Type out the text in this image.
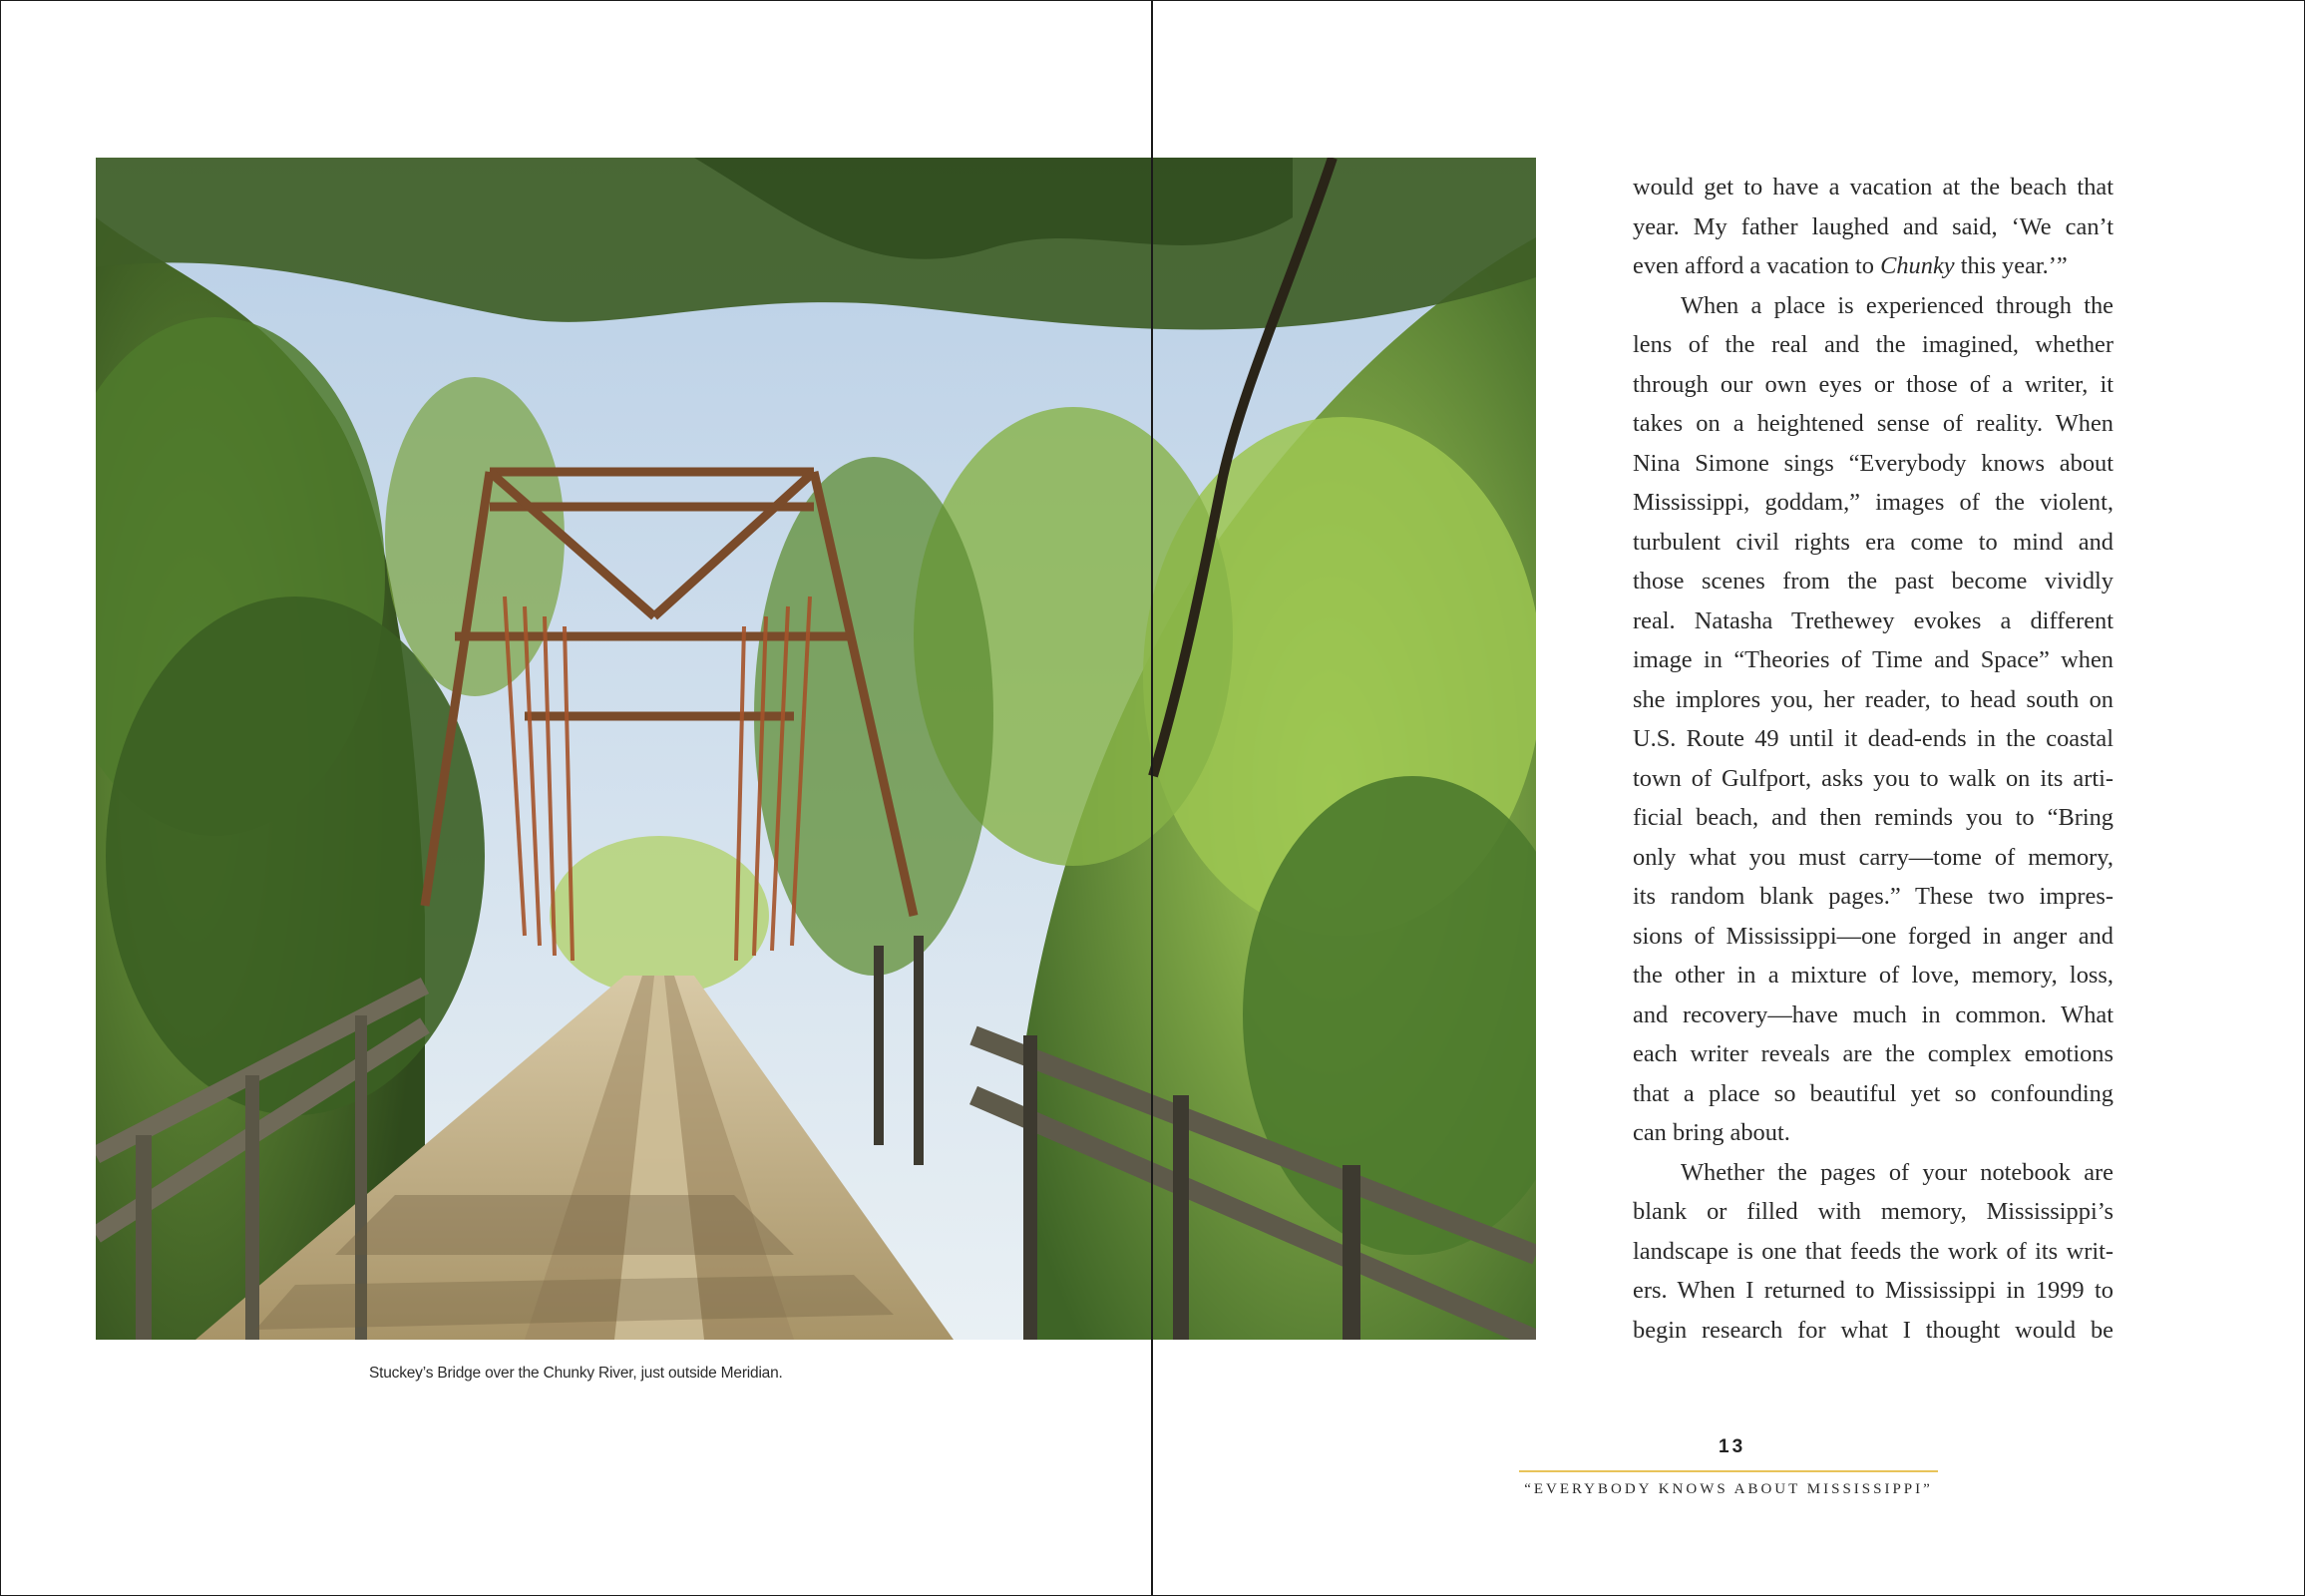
Stuckey’s Bridge over the Chunky River, just outside Meridian.
would get to have a vacation at the beach that
year. My father laughed and said, ‘We can’t
even afford a vacation to Chunky this year.’”
When a place is experienced through the
lens of the real and the imagined, whether
through our own eyes or those of a writer, it
takes on a heightened sense of reality. When
Nina Simone sings “Everybody knows about
Mississippi, goddam,” images of the violent,
turbulent civil rights era come to mind and
those scenes from the past become vividly
real. Natasha Trethewey evokes a different
image in “Theories of Time and Space” when
she implores you, her reader, to head south on
U.S. Route 49 until it dead-ends in the coastal
town of Gulfport, asks you to walk on its arti-
ficial beach, and then reminds you to “Bring
only what you must carry—tome of memory,
its random blank pages.” These two impres-
sions of Mississippi—one forged in anger and
the other in a mixture of love, memory, loss,
and recovery—have much in common. What
each writer reveals are the complex emotions
that a place so beautiful yet so confounding
can bring about.
Whether the pages of your notebook are
blank or filled with memory, Mississippi’s
landscape is one that feeds the work of its writ-
ers. When I returned to Mississippi in 1999 to
begin research for what I thought would be
13
“EVERYBODY KNOWS ABOUT MISSISSIPPI”
